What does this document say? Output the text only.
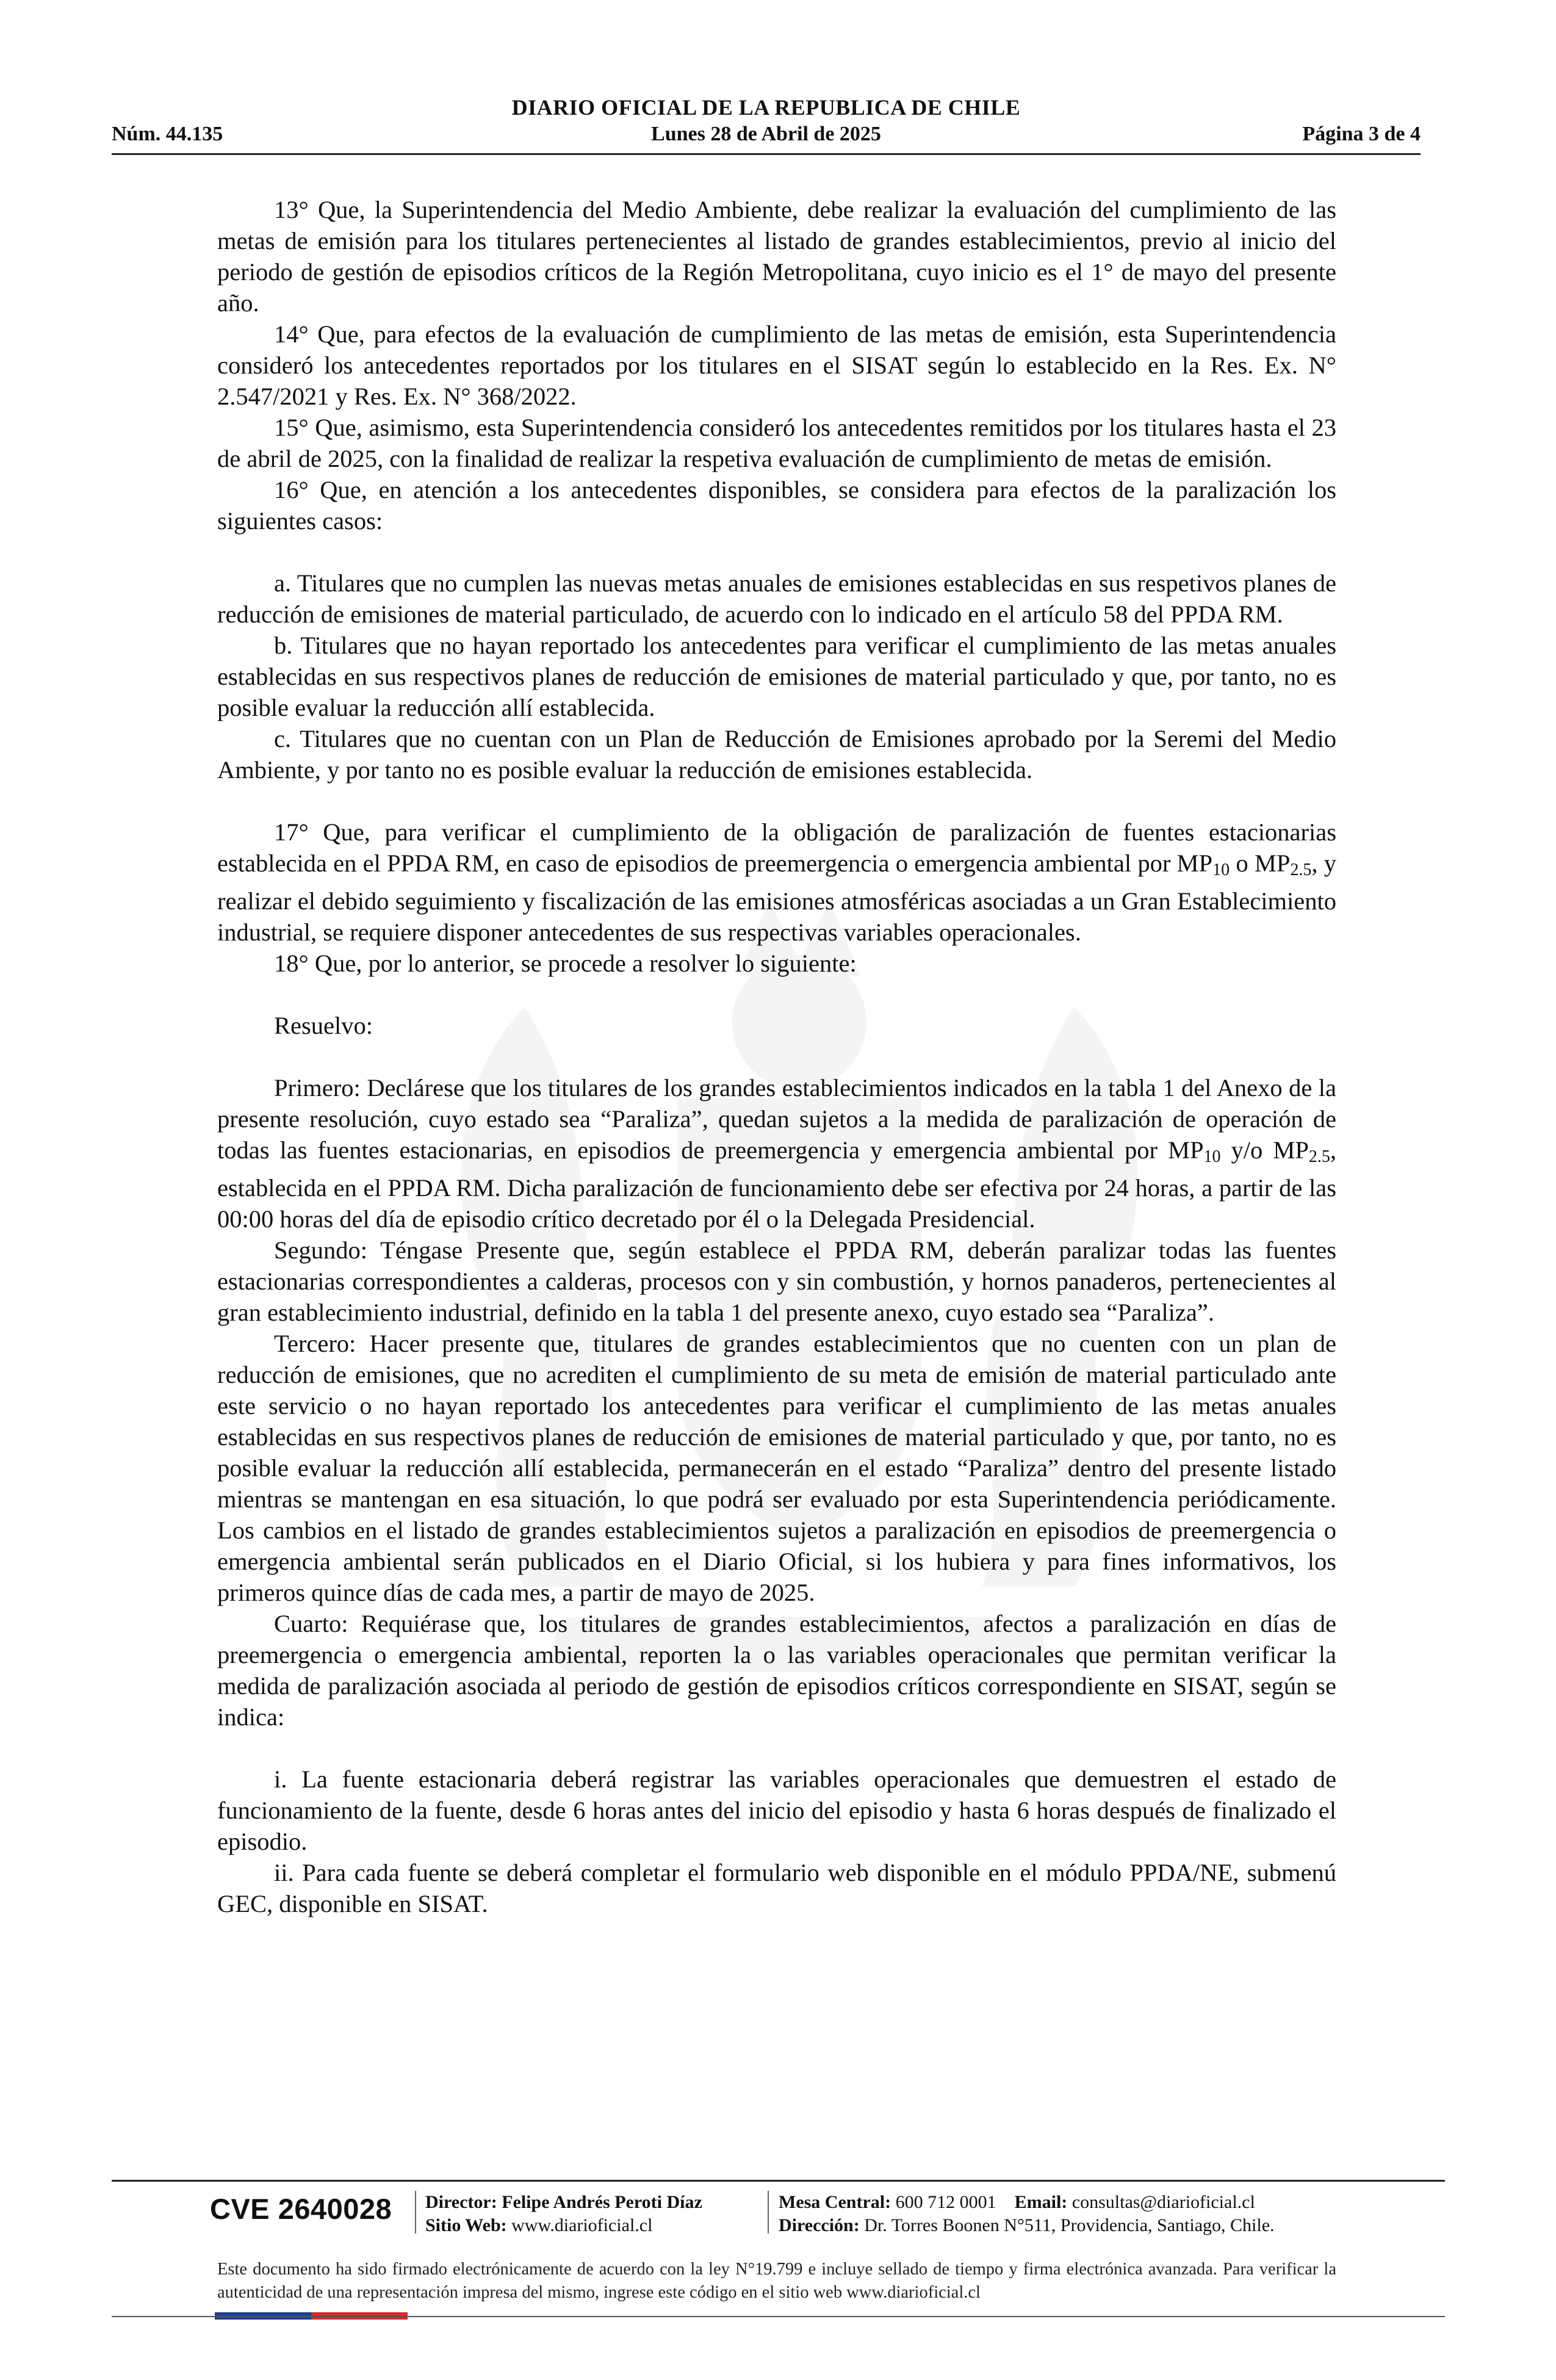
DIARIO OFICIAL DE LA REPUBLICA DE CHILE
Núm. 44.135	Lunes 28 de Abril de 2025	Página 3 de 4

13° Que, la Superintendencia del Medio Ambiente, debe realizar la evaluación del cumplimiento de las metas de emisión para los titulares pertenecientes al listado de grandes establecimientos, previo al inicio del periodo de gestión de episodios críticos de la Región Metropolitana, cuyo inicio es el 1° de mayo del presente año.

14° Que, para efectos de la evaluación de cumplimiento de las metas de emisión, esta Superintendencia consideró los antecedentes reportados por los titulares en el SISAT según lo establecido en la Res. Ex. N° 2.547/2021 y Res. Ex. N° 368/2022.

15° Que, asimismo, esta Superintendencia consideró los antecedentes remitidos por los titulares hasta el 23 de abril de 2025, con la finalidad de realizar la respetiva evaluación de cumplimiento de metas de emisión.

16° Que, en atención a los antecedentes disponibles, se considera para efectos de la paralización los siguientes casos:

a. Titulares que no cumplen las nuevas metas anuales de emisiones establecidas en sus respetivos planes de reducción de emisiones de material particulado, de acuerdo con lo indicado en el artículo 58 del PPDA RM.

b. Titulares que no hayan reportado los antecedentes para verificar el cumplimiento de las metas anuales establecidas en sus respectivos planes de reducción de emisiones de material particulado y que, por tanto, no es posible evaluar la reducción allí establecida.

c. Titulares que no cuentan con un Plan de Reducción de Emisiones aprobado por la Seremi del Medio Ambiente, y por tanto no es posible evaluar la reducción de emisiones establecida.

17° Que, para verificar el cumplimiento de la obligación de paralización de fuentes estacionarias establecida en el PPDA RM, en caso de episodios de preemergencia o emergencia ambiental por $MP_{10}$ o $MP_{2.5}$, y realizar el debido seguimiento y fiscalización de las emisiones atmosféricas asociadas a un Gran Establecimiento industrial, se requiere disponer antecedentes de sus respectivas variables operacionales.

18° Que, por lo anterior, se procede a resolver lo siguiente:

Resuelvo:

Primero: Declárese que los titulares de los grandes establecimientos indicados en la tabla 1 del Anexo de la presente resolución, cuyo estado sea “Paraliza”, quedan sujetos a la medida de paralización de operación de todas las fuentes estacionarias, en episodios de preemergencia y emergencia ambiental por $MP_{10}$ y/o $MP_{2.5}$, establecida en el PPDA RM. Dicha paralización de funcionamiento debe ser efectiva por 24 horas, a partir de las 00:00 horas del día de episodio crítico decretado por él o la Delegada Presidencial.

Segundo: Téngase Presente que, según establece el PPDA RM, deberán paralizar todas las fuentes estacionarias correspondientes a calderas, procesos con y sin combustión, y hornos panaderos, pertenecientes al gran establecimiento industrial, definido en la tabla 1 del presente anexo, cuyo estado sea “Paraliza”.

Tercero: Hacer presente que, titulares de grandes establecimientos que no cuenten con un plan de reducción de emisiones, que no acrediten el cumplimiento de su meta de emisión de material particulado ante este servicio o no hayan reportado los antecedentes para verificar el cumplimiento de las metas anuales establecidas en sus respectivos planes de reducción de emisiones de material particulado y que, por tanto, no es posible evaluar la reducción allí establecida, permanecerán en el estado “Paraliza” dentro del presente listado mientras se mantengan en esa situación, lo que podrá ser evaluado por esta Superintendencia periódicamente. Los cambios en el listado de grandes establecimientos sujetos a paralización en episodios de preemergencia o emergencia ambiental serán publicados en el Diario Oficial, si los hubiera y para fines informativos, los primeros quince días de cada mes, a partir de mayo de 2025.

Cuarto: Requiérase que, los titulares de grandes establecimientos, afectos a paralización en días de preemergencia o emergencia ambiental, reporten la o las variables operacionales que permitan verificar la medida de paralización asociada al periodo de gestión de episodios críticos correspondiente en SISAT, según se indica:

i. La fuente estacionaria deberá registrar las variables operacionales que demuestren el estado de funcionamiento de la fuente, desde 6 horas antes del inicio del episodio y hasta 6 horas después de finalizado el episodio.

ii. Para cada fuente se deberá completar el formulario web disponible en el módulo PPDA/NE, submenú GEC, disponible en SISAT.

CVE 2640028 Director: Felipe Andrés Peroti Díaz
Sitio Web: www.diarioficial.cl
Mesa Central: 600 712 0001 Email: consultas@diarioficial.cl
Dirección: Dr. Torres Boonen N°511, Providencia, Santiago, Chile.
Este documento ha sido firmado electrónicamente de acuerdo con la ley N°19.799 e incluye sellado de tiempo y firma electrónica avanzada. Para verificar la autenticidad de una representación impresa del mismo, ingrese este código en el sitio web www.diarioficial.cl
